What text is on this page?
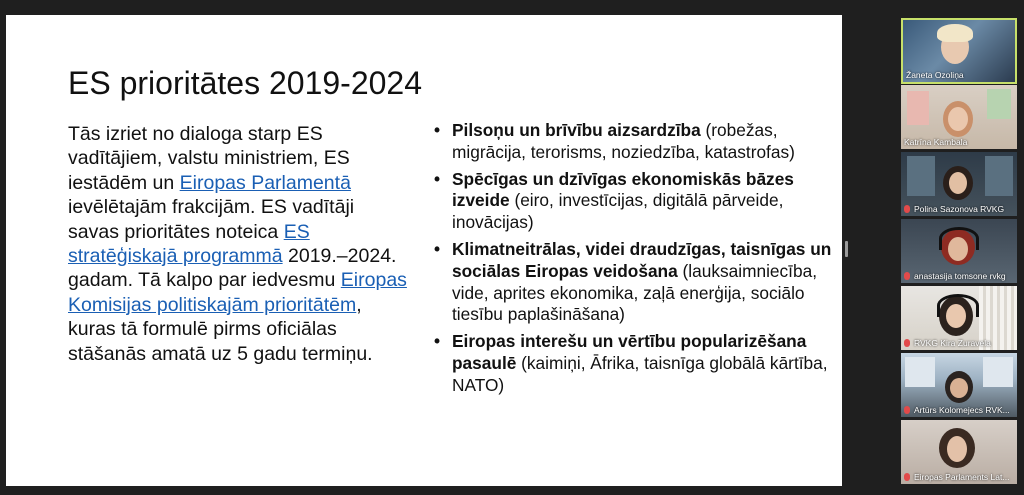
ES prioritātes 2019-2024
Tās izriet no dialoga starp ES vadītājiem, valstu ministriem, ES iestādēm un Eiropas Parlamentā ievēlētajām frakcijām. ES vadītāji savas prioritātes noteica ES stratēģiskajā programmā 2019.–2024. gadam. Tā kalpo par iedvesmu Eiropas Komisijas politiskajām prioritātēm, kuras tā formulē pirms oficiālas stāšanās amatā uz 5 gadu termiņu.
• Pilsoņu un brīvību aizsardzība (robežas, migrācija, terorisms, noziedzība, katastrofas)
• Spēcīgas un dzīvīgas ekonomiskās bāzes izveide (eiro, investīcijas, digitālā pārveide, inovācijas)
• Klimatneitrālas, videi draudzīgas, taisnīgas un sociālas Eiropas veidošana (lauksaimniecība, vide, aprites ekonomika, zaļā enerģija, sociālo tiesību paplašināšana)
• Eiropas interešu un vērtību popularizēšana pasaulē (kaimiņi, Āfrika, taisnīga globālā kārtība, NATO)
Žaneta Ozoliņa
Katrīna Kambala
Polina Sazonova RVKG
anastasija tomsone rvkg
RVKG Kira Zuravela
Artūrs Kolomejecs RVK...
Eiropas Parlaments Lat...
